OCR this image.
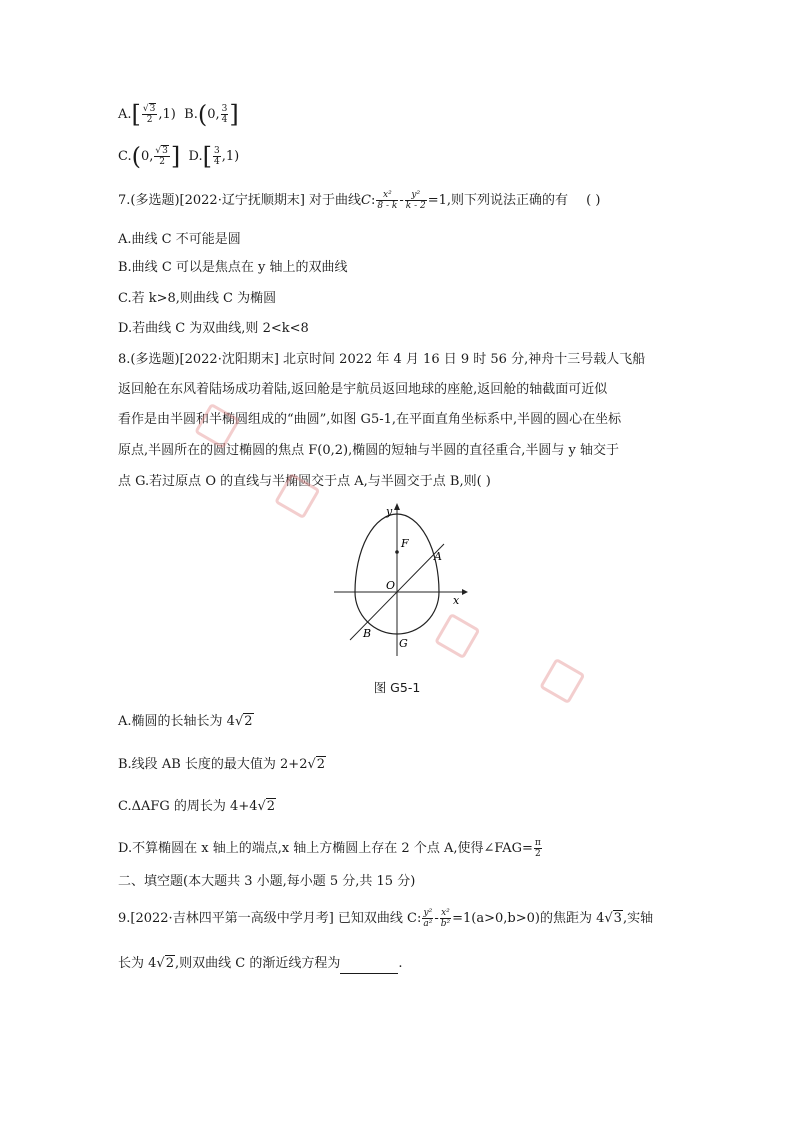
$A.[ \frac{√3}{2} ,1)$ B.(0, $\frac{3}{4}$ ]
C.(0, $\frac{√3}{2}$ ] $D.[ \frac{3}{4} ,1)$
7.(多选题)[2022·辽宁抚顺期末] 对于曲线C: $\frac{\text{x²}}{8 - k} - \frac{\text{y²}}{k - 2} =1$,则下列说法正确的有 ( )
A.曲线 C 不可能是圆
B.曲线 C 可以是焦点在 y 轴上的双曲线
C.若 k>8,则曲线 C 为椭圆
D.若曲线 C 为双曲线,则 2<k<8
8.(多选题)[2022·沈阳期末] 北京时间 2022 年 4 月 16 日 9 时 56 分,神舟十三号载人飞船
返回舱在东风着陆场成功着陆,返回舱是宇航员返回地球的座舱,返回舱的轴截面可近似
看作是由半圆和半椭圆组成的“曲圆”,如图 G5-1,在平面直角坐标系中,半圆的圆心在坐标
原点,半圆所在的圆过椭圆的焦点 F(0,2),椭圆的短轴与半圆的直径重合,半圆与 y 轴交于
点 G.若过原点 O 的直线与半椭圆交于点 A,与半圆交于点 B,则( )
y
x
F
A
O
B
G
图 G5-1
A.椭圆的长轴长为 4√2
B.线段 AB 长度的最大值为 2+2√2
C.ΔAFG 的周长为 4+4√2
D.不算椭圆在 x 轴上的端点,x 轴上方椭圆上存在 2 个点 A,使得∠FAG= $\frac{\pi}{2}$
二、填空题(本大题共 3 小题,每小题 5 分,共 15 分)
9.[2022·吉林四平第一高级中学月考] 已知双曲线 C: $\frac{\text{y²}}{\text{a²}} - \frac{\text{x²}}{\text{b²}} =1(a>0,b>0)$的焦距为 4√3,实轴
长为 4√2,则双曲线 C 的渐近线方程为	.
